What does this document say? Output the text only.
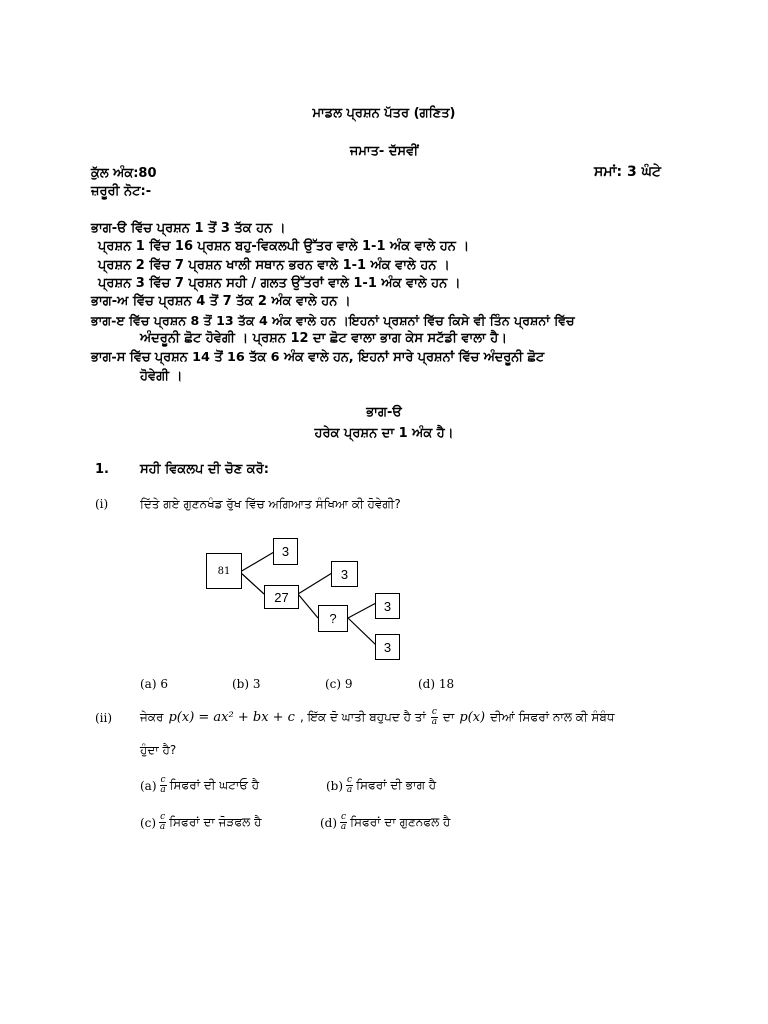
ਮਾਡਲ ਪ੍ਰਸ਼ਨ ਪੱਤਰ (ਗਣਿਤ)
ਜਮਾਤ- ਦੱਸਵੀਂ
ਕੁੱਲ ਅੰਕ:80	ਸਮਾਂ: 3 ਘੰਟੇ
ਜ਼ਰੂਰੀ ਨੋਟ:-
ਭਾਗ-ੳ ਵਿੱਚ ਪ੍ਰਸ਼ਨ 1 ਤੋਂ 3 ਤੱਕ ਹਨ ।
ਪ੍ਰਸ਼ਨ 1 ਵਿੱਚ 16 ਪ੍ਰਸ਼ਨ ਬਹੁ-ਵਿਕਲਪੀ ਉੱਤਰ ਵਾਲੇ 1-1 ਅੰਕ ਵਾਲੇ ਹਨ ।
ਪ੍ਰਸ਼ਨ 2 ਵਿੱਚ 7 ਪ੍ਰਸ਼ਨ ਖਾਲੀ ਸਥਾਨ ਭਰਨ ਵਾਲੇ 1-1 ਅੰਕ ਵਾਲੇ ਹਨ ।
ਪ੍ਰਸ਼ਨ 3 ਵਿੱਚ 7 ਪ੍ਰਸ਼ਨ ਸਹੀ / ਗਲਤ ਉੱਤਰਾਂ ਵਾਲੇ 1-1 ਅੰਕ ਵਾਲੇ ਹਨ ।
ਭਾਗ-ਅ ਵਿੱਚ ਪ੍ਰਸ਼ਨ 4 ਤੋਂ 7 ਤੱਕ 2 ਅੰਕ ਵਾਲੇ ਹਨ ।
ਭਾਗ-ੲ ਵਿੱਚ ਪ੍ਰਸ਼ਨ 8 ਤੋਂ 13 ਤੱਕ 4 ਅੰਕ ਵਾਲੇ ਹਨ ।ਇਹਨਾਂ ਪ੍ਰਸ਼ਨਾਂ ਵਿੱਚ ਕਿਸੇ ਵੀ ਤਿੰਨ ਪ੍ਰਸ਼ਨਾਂ ਵਿੱਚ
ਅੰਦਰੂਨੀ ਛੋਟ ਹੋਵੇਗੀ । ਪ੍ਰਸ਼ਨ 12 ਦਾ ਛੋਟ ਵਾਲਾ ਭਾਗ ਕੇਸ ਸਟੱਡੀ ਵਾਲਾ ਹੈ।
ਭਾਗ-ਸ ਵਿੱਚ ਪ੍ਰਸ਼ਨ 14 ਤੋਂ 16 ਤੱਕ 6 ਅੰਕ ਵਾਲੇ ਹਨ, ਇਹਨਾਂ ਸਾਰੇ ਪ੍ਰਸ਼ਨਾਂ ਵਿੱਚ ਅੰਦਰੂਨੀ ਛੋਟ
ਹੋਵੇਗੀ ।
ਭਾਗ-ੳ
ਹਰੇਕ ਪ੍ਰਸ਼ਨ ਦਾ 1 ਅੰਕ ਹੈ।
1. ਸਹੀ ਵਿਕਲਪ ਦੀ ਚੋਣ ਕਰੋ:
(i)	ਦਿੱਤੇ ਗਏ ਗੁਣਨਖੰਡ ਰੁੱਖ ਵਿੱਚ ਅਗਿਆਤ ਸੰਖਿਆ ਕੀ ਹੋਵੇਗੀ?
81
3
27
3
?
3
3
(a) 6	(b) 3	(c) 9	(d) 18
(ii) ਜੇਕਰ p(x) = ax² + bx + c , ਇੱਕ ਦੋ ਘਾਤੀ ਬਹੁਪਦ ਹੈ ਤਾਂ $\frac{c}{a}$ ਦਾ p(x) ਦੀਆਂ ਸਿਫਰਾਂ ਨਾਲ ਕੀ ਸੰਬੰਧ
ਹੁੰਦਾ ਹੈ?
$(a) \frac{c}{a}$ ਸਿਫਰਾਂ ਦੀ ਘਟਾਓ ਹੈ	$(b) \frac{c}{a}$ ਸਿਫਰਾਂ ਦੀ ਭਾਗ ਹੈ
$(c) \frac{c}{a}$ ਸਿਫਰਾਂ ਦਾ ਜੋੜਫਲ ਹੈ	$(d) \frac{c}{a}$ ਸਿਫਰਾਂ ਦਾ ਗੁਣਨਫਲ ਹੈ
